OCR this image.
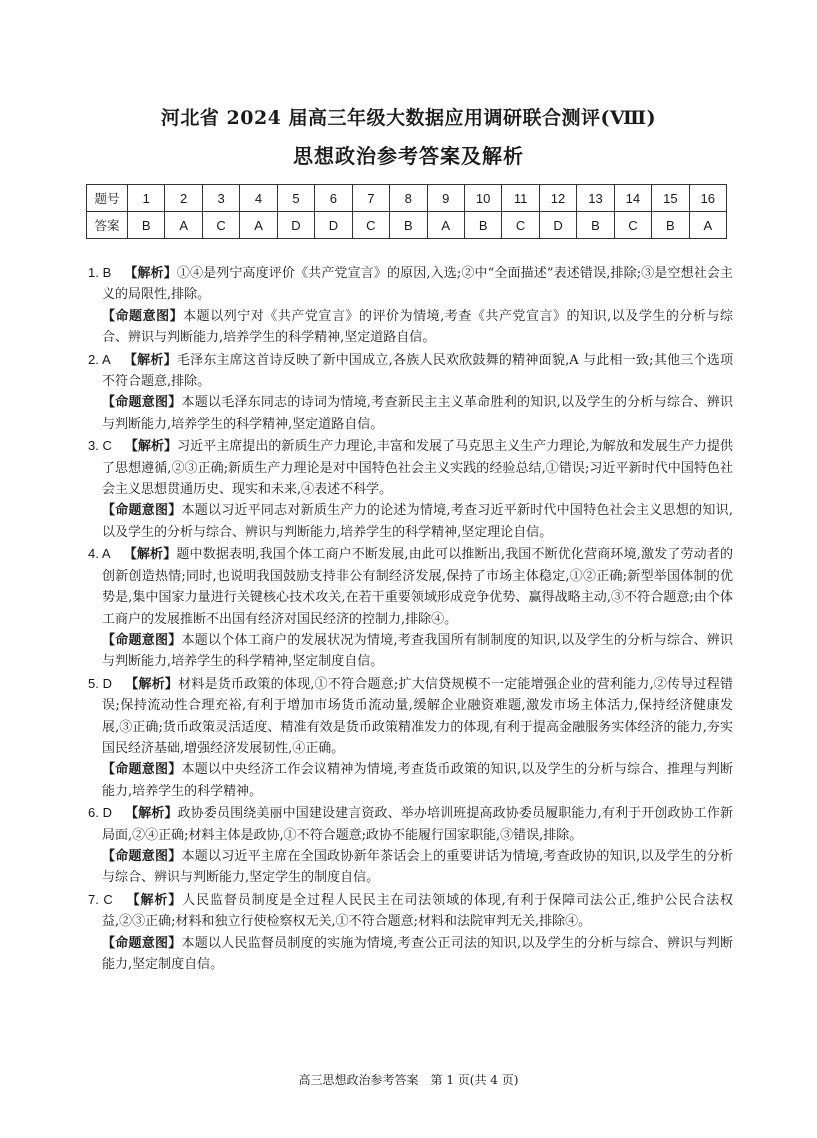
河北省 2024 届高三年级大数据应用调研联合测评(Ⅷ)
思想政治参考答案及解析
题号	1	2	3	4	5	6	7	8	9	10	11	12	13	14	15	16
答案	B	A	C	A	D	D	C	B	A	B	C	D	B	C	B	A

1. B  【解析】①④是列宁高度评价《共产党宣言》的原因,入选;②中“全面描述”表述错误,排除;③是空想社会主义的局限性,排除。

【命题意图】本题以列宁对《共产党宣言》的评价为情境,考查《共产党宣言》的知识,以及学生的分析与综合、辨识与判断能力,培养学生的科学精神,坚定道路自信。

2. A  【解析】毛泽东主席这首诗反映了新中国成立,各族人民欢欣鼓舞的精神面貌,A 与此相一致;其他三个选项不符合题意,排除。

【命题意图】本题以毛泽东同志的诗词为情境,考查新民主主义革命胜利的知识,以及学生的分析与综合、辨识与判断能力,培养学生的科学精神,坚定道路自信。

3. C  【解析】习近平主席提出的新质生产力理论,丰富和发展了马克思主义生产力理论,为解放和发展生产力提供了思想遵循,②③正确;新质生产力理论是对中国特色社会主义实践的经验总结,①错误;习近平新时代中国特色社会主义思想贯通历史、现实和未来,④表述不科学。

【命题意图】本题以习近平同志对新质生产力的论述为情境,考查习近平新时代中国特色社会主义思想的知识,以及学生的分析与综合、辨识与判断能力,培养学生的科学精神,坚定理论自信。

4. A  【解析】题中数据表明,我国个体工商户不断发展,由此可以推断出,我国不断优化营商环境,激发了劳动者的创新创造热情;同时,也说明我国鼓励支持非公有制经济发展,保持了市场主体稳定,①②正确;新型举国体制的优势是,集中国家力量进行关键核心技术攻关,在若干重要领域形成竞争优势、赢得战略主动,③不符合题意;由个体工商户的发展推断不出国有经济对国民经济的控制力,排除④。

【命题意图】本题以个体工商户的发展状况为情境,考查我国所有制制度的知识,以及学生的分析与综合、辨识与判断能力,培养学生的科学精神,坚定制度自信。

5. D  【解析】材料是货币政策的体现,①不符合题意;扩大信贷规模不一定能增强企业的营利能力,②传导过程错误;保持流动性合理充裕,有利于增加市场货币流动量,缓解企业融资难题,激发市场主体活力,保持经济健康发展,③正确;货币政策灵活适度、精准有效是货币政策精准发力的体现,有利于提高金融服务实体经济的能力,夯实国民经济基础,增强经济发展韧性,④正确。

【命题意图】本题以中央经济工作会议精神为情境,考查货币政策的知识,以及学生的分析与综合、推理与判断能力,培养学生的科学精神。

6. D  【解析】政协委员围绕美丽中国建设建言资政、举办培训班提高政协委员履职能力,有利于开创政协工作新局面,②④正确;材料主体是政协,①不符合题意;政协不能履行国家职能,③错误,排除。

【命题意图】本题以习近平主席在全国政协新年茶话会上的重要讲话为情境,考查政协的知识,以及学生的分析与综合、辨识与判断能力,坚定学生的制度自信。

7. C  【解析】人民监督员制度是全过程人民民主在司法领域的体现,有利于保障司法公正,维护公民合法权益,②③正确;材料和独立行使检察权无关,①不符合题意;材料和法院审判无关,排除④。

【命题意图】本题以人民监督员制度的实施为情境,考查公正司法的知识,以及学生的分析与综合、辨识与判断能力,坚定制度自信。

高三思想政治参考答案　第 1 页(共 4 页)
